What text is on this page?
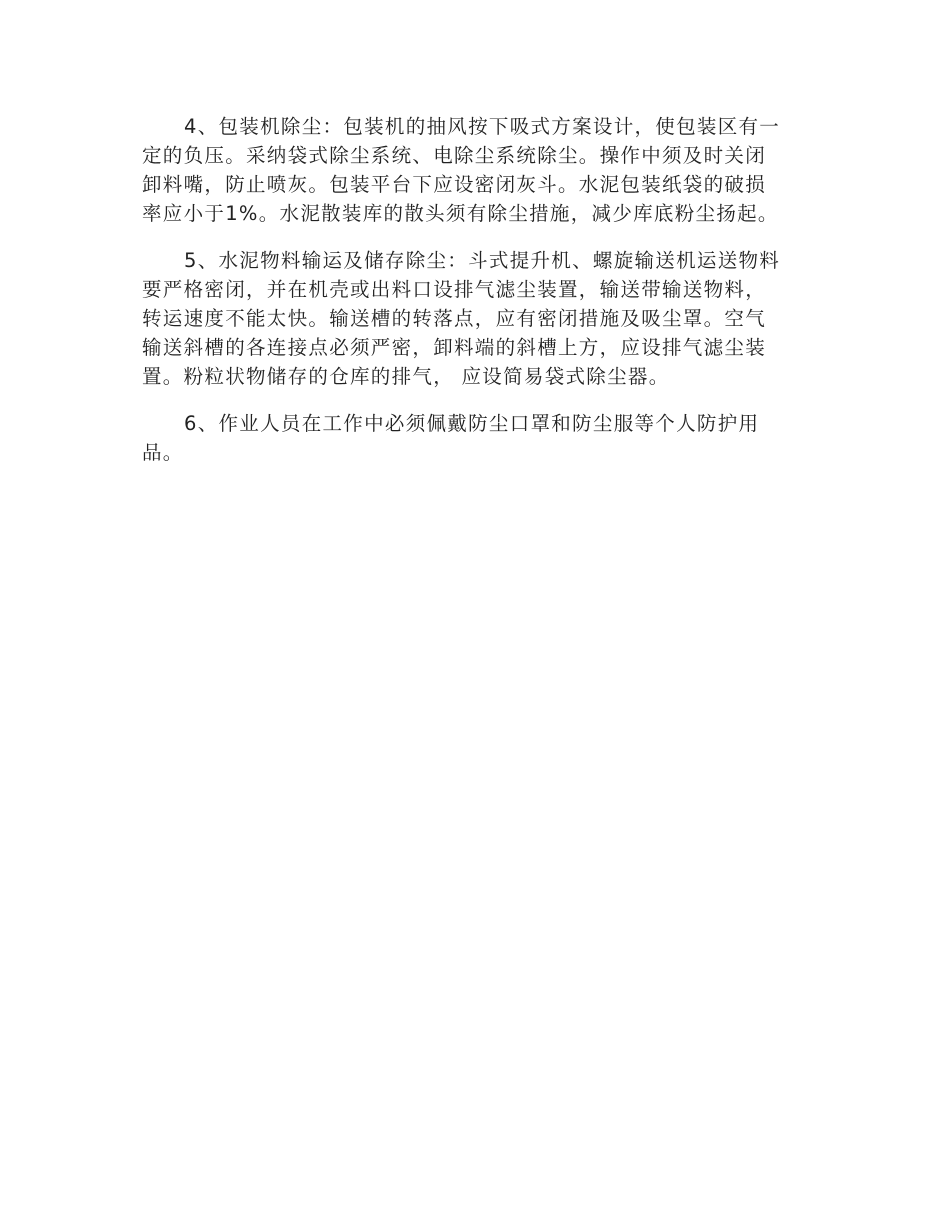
4、包装机除尘：包装机的抽风按下吸式方案设计，使包装区有一
定的负压。采纳袋式除尘系统、电除尘系统除尘。操作中须及时关闭
卸料嘴，防止喷灰。包装平台下应设密闭灰斗。水泥包装纸袋的破损
率应小于1%。水泥散装库的散头须有除尘措施，减少库底粉尘扬起。

5、水泥物料输运及储存除尘：斗式提升机、螺旋输送机运送物料
要严格密闭，并在机壳或出料口设排气滤尘装置，输送带输送物料，
转运速度不能太快。输送槽的转落点，应有密闭措施及吸尘罩。空气
输送斜槽的各连接点必须严密，卸料端的斜槽上方，应设排气滤尘装
置。粉粒状物储存的仓库的排气， 应设简易袋式除尘器。

6、作业人员在工作中必须佩戴防尘口罩和防尘服等个人防护用
品。
